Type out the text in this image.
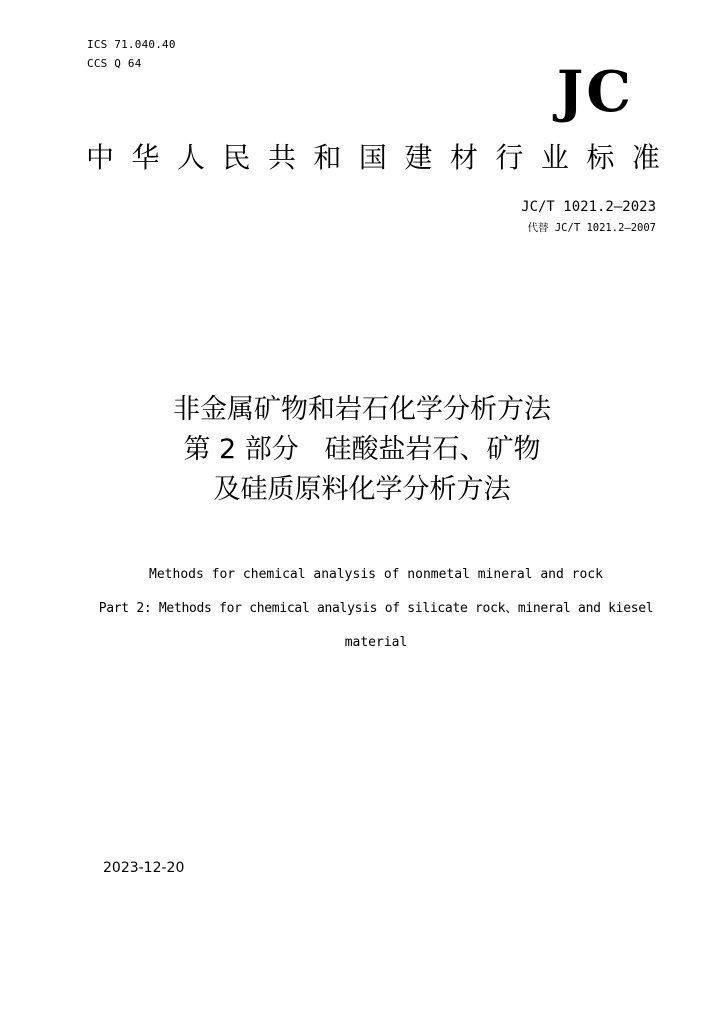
ICS 71.040.40
CCS Q 64	JC
中 华 人 民 共 和 国 建 材 行 业 标 准
JC/T 1021.2—2023
代替 JC/T 1021.2—2007
非金属矿物和岩石化学分析方法
第 2 部分   硅酸盐岩石、矿物
及硅质原料化学分析方法
Methods for chemical analysis of nonmetal mineral and rock
Part 2: Methods for chemical analysis of silicate rock、mineral and kiesel
material
2023-12-20
